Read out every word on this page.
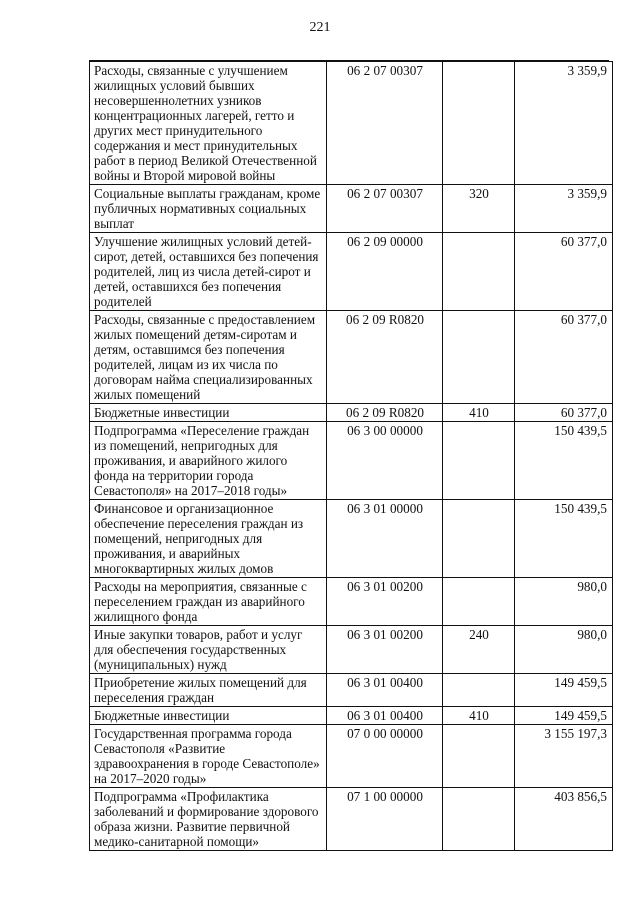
221
Расходы, связанные с улучшением жилищных условий бывших несовершеннолетних узников концентрационных лагерей, гетто и других мест принудительного содержания и мест принудительных работ в период Великой Отечественной войны и Второй мировой войны	06 2 07 00307		3 359,9
Социальные выплаты гражданам, кроме публичных нормативных социальных выплат	06 2 07 00307	320	3 359,9
Улучшение жилищных условий детей-сирот, детей, оставшихся без попечения родителей, лиц из числа детей-сирот и детей, оставшихся без попечения родителей	06 2 09 00000		60 377,0
Расходы, связанные с предоставлением жилых помещений детям-сиротам и детям, оставшимся без попечения родителей, лицам из их числа по договорам найма специализированных жилых помещений	06 2 09 R0820		60 377,0
Бюджетные инвестиции	06 2 09 R0820	410	60 377,0
Подпрограмма «Переселение граждан из помещений, непригодных для проживания, и аварийного жилого фонда на территории города Севастополя» на 2017–2018 годы»	06 3 00 00000		150 439,5
Финансовое и организационное обеспечение переселения граждан из помещений, непригодных для проживания, и аварийных многоквартирных жилых домов	06 3 01 00000		150 439,5
Расходы на мероприятия, связанные с переселением граждан из аварийного жилищного фонда	06 3 01 00200		980,0
Иные закупки товаров, работ и услуг для обеспечения государственных (муниципальных) нужд	06 3 01 00200	240	980,0
Приобретение жилых помещений для переселения граждан	06 3 01 00400		149 459,5
Бюджетные инвестиции	06 3 01 00400	410	149 459,5
Государственная программа города Севастополя «Развитие здравоохранения в городе Севастополе» на 2017–2020 годы»	07 0 00 00000		3 155 197,3
Подпрограмма «Профилактика заболеваний и формирование здорового образа жизни. Развитие первичной медико-санитарной помощи»	07 1 00 00000		403 856,5
